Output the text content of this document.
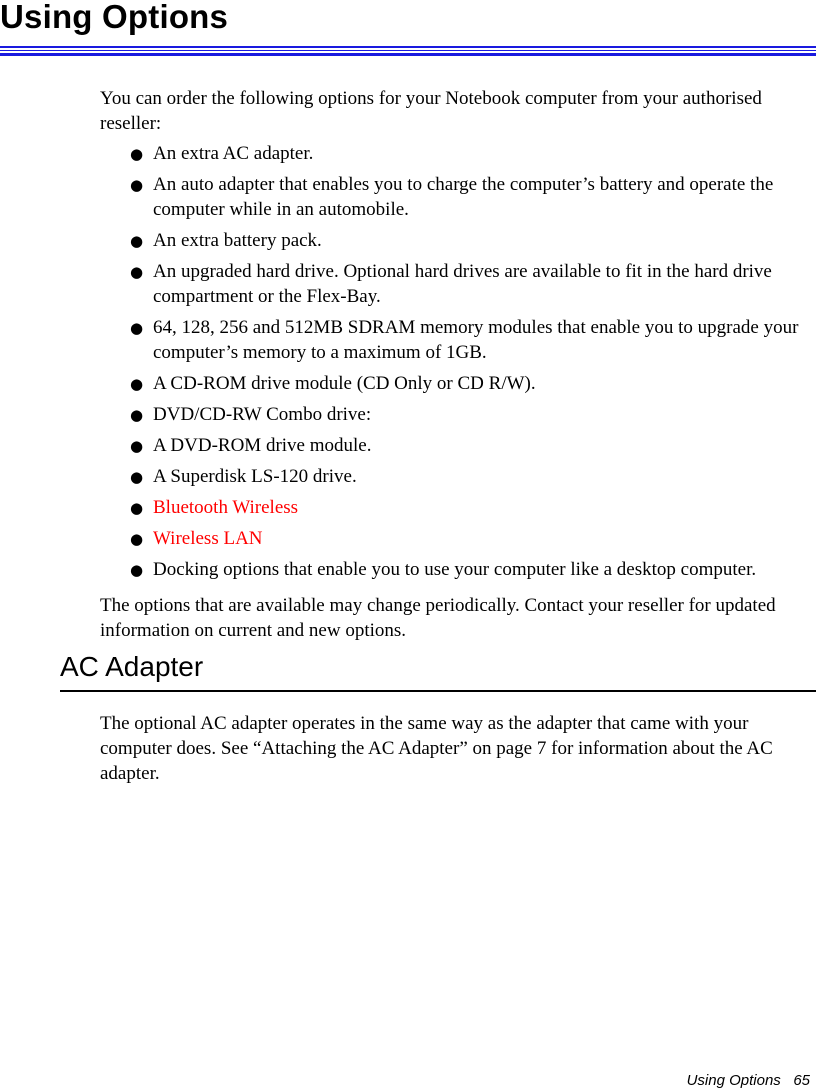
Using Options

You can order the following options for your Notebook computer from your authorised reseller:

● An extra AC adapter.
● An auto adapter that enables you to charge the computer’s battery and operate the computer while in an automobile.
● An extra battery pack.
● An upgraded hard drive. Optional hard drives are available to fit in the hard drive compartment or the Flex-Bay.
● 64, 128, 256 and 512MB SDRAM memory modules that enable you to upgrade your computer’s memory to a maximum of 1GB.
● A CD-ROM drive module (CD Only or CD R/W).
● DVD/CD-RW Combo drive:
● A DVD-ROM drive module.
● A Superdisk LS-120 drive.
● Bluetooth Wireless
● Wireless LAN
● Docking options that enable you to use your computer like a desktop computer.

The options that are available may change periodically. Contact your reseller for updated information on current and new options.

AC Adapter

The optional AC adapter operates in the same way as the adapter that came with your computer does. See “Attaching the AC Adapter” on page 7 for information about the AC adapter.

Using Options 65
